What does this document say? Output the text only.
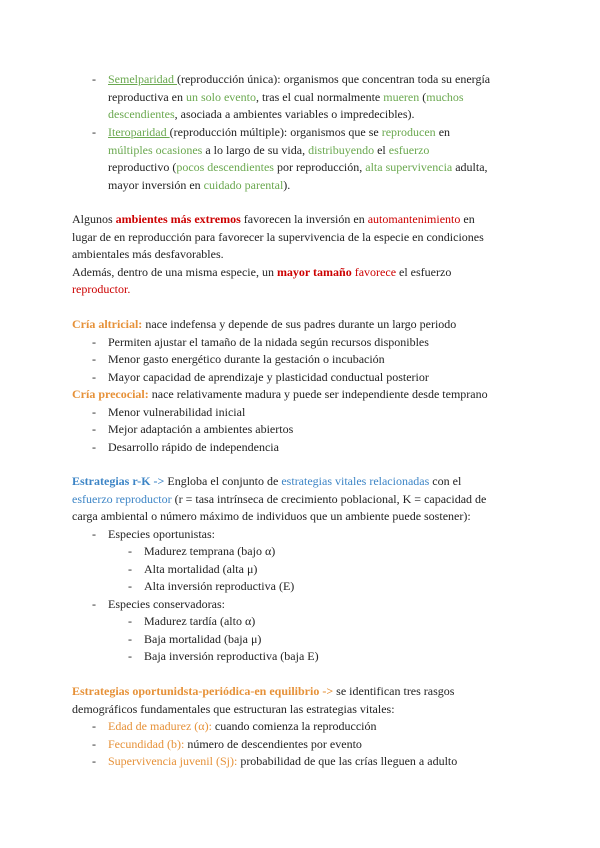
- Semelparidad (reproducción única): organismos que concentran toda su energía
reproductiva en un solo evento, tras el cual normalmente mueren (muchos
descendientes, asociada a ambientes variables o impredecibles).
- Iteroparidad (reproducción múltiple): organismos que se reproducen en
múltiples ocasiones a lo largo de su vida, distribuyendo el esfuerzo
reproductivo (pocos descendientes por reproducción, alta supervivencia adulta,
mayor inversión en cuidado parental).
Algunos ambientes más extremos favorecen la inversión en automantenimiento en
lugar de en reproducción para favorecer la supervivencia de la especie en condiciones
ambientales más desfavorables.
Además, dentro de una misma especie, un mayor tamaño favorece el esfuerzo
reproductor.
Cría altricial: nace indefensa y depende de sus padres durante un largo periodo
- Permiten ajustar el tamaño de la nidada según recursos disponibles
- Menor gasto energético durante la gestación o incubación
- Mayor capacidad de aprendizaje y plasticidad conductual posterior
Cría precocial: nace relativamente madura y puede ser independiente desde temprano
- Menor vulnerabilidad inicial
- Mejor adaptación a ambientes abiertos
- Desarrollo rápido de independencia
Estrategias r-K -> Engloba el conjunto de estrategias vitales relacionadas con el
esfuerzo reproductor (r = tasa intrínseca de crecimiento poblacional, K = capacidad de
carga ambiental o número máximo de individuos que un ambiente puede sostener):
- Especies oportunistas:
- Madurez temprana (bajo α)
- Alta mortalidad (alta μ)
- Alta inversión reproductiva (E)
- Especies conservadoras:
- Madurez tardía (alto α)
- Baja mortalidad (baja μ)
- Baja inversión reproductiva (baja E)
Estrategias oportunidsta-periódica-en equilibrio -> se identifican tres rasgos
demográficos fundamentales que estructuran las estrategias vitales:
- Edad de madurez (α): cuando comienza la reproducción
- Fecundidad (b): número de descendientes por evento
- Supervivencia juvenil (Sj): probabilidad de que las crías lleguen a adulto
